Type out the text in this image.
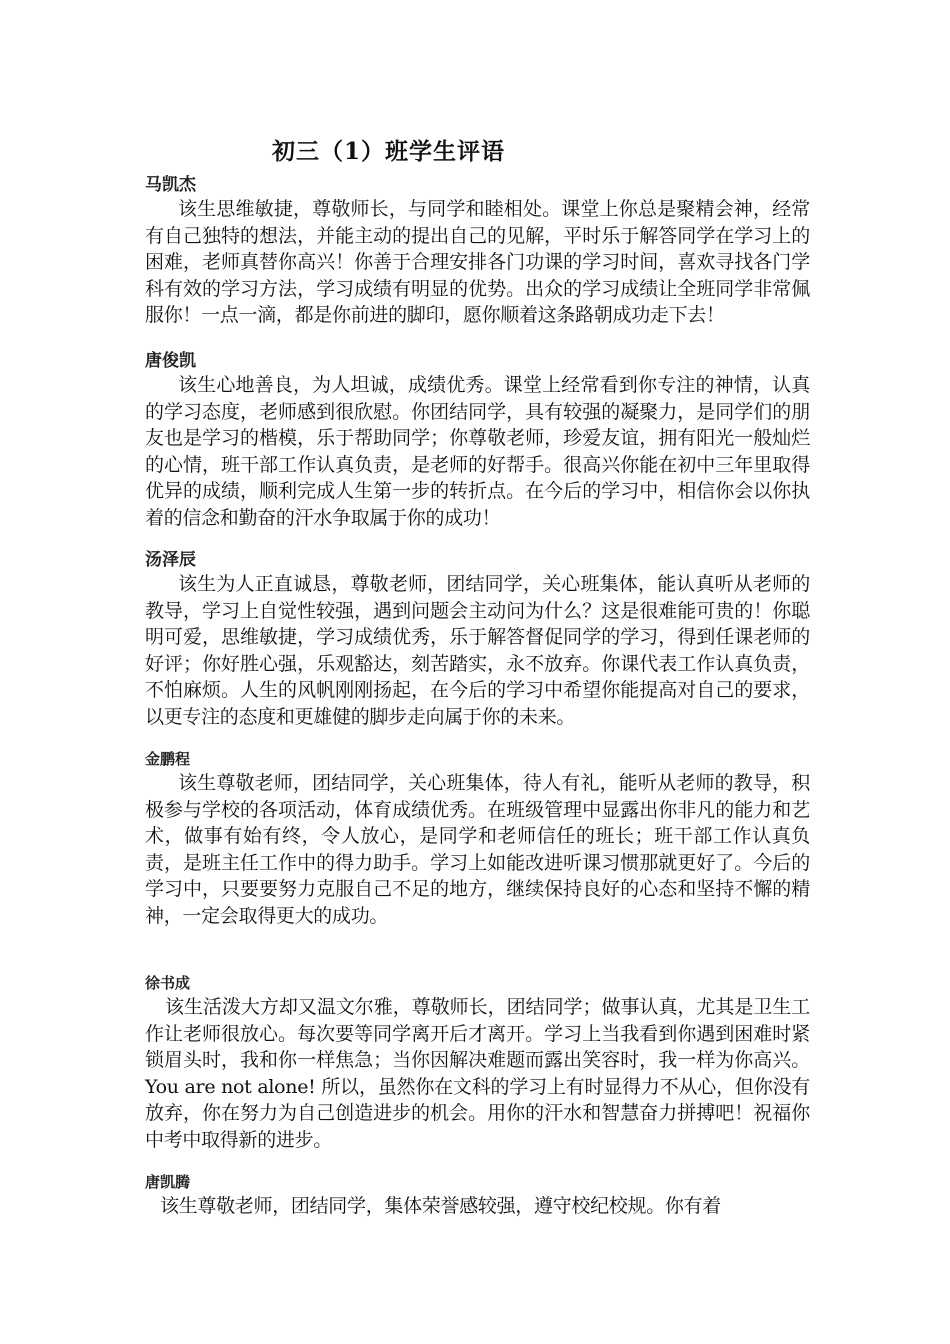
初三（1）班学生评语
马凯杰

该生思维敏捷，尊敬师长，与同学和睦相处。课堂上你总是聚精会神，经常有自己独特的想法，并能主动的提出自己的见解，平时乐于解答同学在学习上的困难，老师真替你高兴！你善于合理安排各门功课的学习时间，喜欢寻找各门学科有效的学习方法，学习成绩有明显的优势。出众的学习成绩让全班同学非常佩服你！一点一滴，都是你前进的脚印，愿你顺着这条路朝成功走下去！

唐俊凯

该生心地善良，为人坦诚，成绩优秀。课堂上经常看到你专注的神情，认真的学习态度，老师感到很欣慰。你团结同学，具有较强的凝聚力，是同学们的朋友也是学习的楷模，乐于帮助同学；你尊敬老师，珍爱友谊，拥有阳光一般灿烂的心情，班干部工作认真负责，是老师的好帮手。很高兴你能在初中三年里取得优异的成绩，顺利完成人生第一步的转折点。在今后的学习中，相信你会以你执着的信念和勤奋的汗水争取属于你的成功！

汤泽辰

该生为人正直诚恳，尊敬老师，团结同学，关心班集体，能认真听从老师的教导，学习上自觉性较强，遇到问题会主动问为什么？这是很难能可贵的！你聪明可爱，思维敏捷，学习成绩优秀，乐于解答督促同学的学习，得到任课老师的好评；你好胜心强，乐观豁达，刻苦踏实，永不放弃。你课代表工作认真负责，不怕麻烦。人生的风帆刚刚扬起，在今后的学习中希望你能提高对自己的要求，以更专注的态度和更雄健的脚步走向属于你的未来。

金鹏程

该生尊敬老师，团结同学，关心班集体，待人有礼，能听从老师的教导，积极参与学校的各项活动，体育成绩优秀。在班级管理中显露出你非凡的能力和艺术，做事有始有终，令人放心，是同学和老师信任的班长；班干部工作认真负责，是班主任工作中的得力助手。学习上如能改进听课习惯那就更好了。今后的学习中，只要要努力克服自己不足的地方，继续保持良好的心态和坚持不懈的精神，一定会取得更大的成功。

徐书成

该生活泼大方却又温文尔雅，尊敬师长，团结同学；做事认真，尤其是卫生工作让老师很放心。每次要等同学离开后才离开。学习上当我看到你遇到困难时紧锁眉头时，我和你一样焦急；当你因解决难题而露出笑容时，我一样为你高兴。You are not alone! 所以，虽然你在文科的学习上有时显得力不从心，但你没有放弃，你在努力为自己创造进步的机会。用你的汗水和智慧奋力拼搏吧！祝福你中考中取得新的进步。

唐凯腾

该生尊敬老师，团结同学，集体荣誉感较强，遵守校纪校规。你有着
